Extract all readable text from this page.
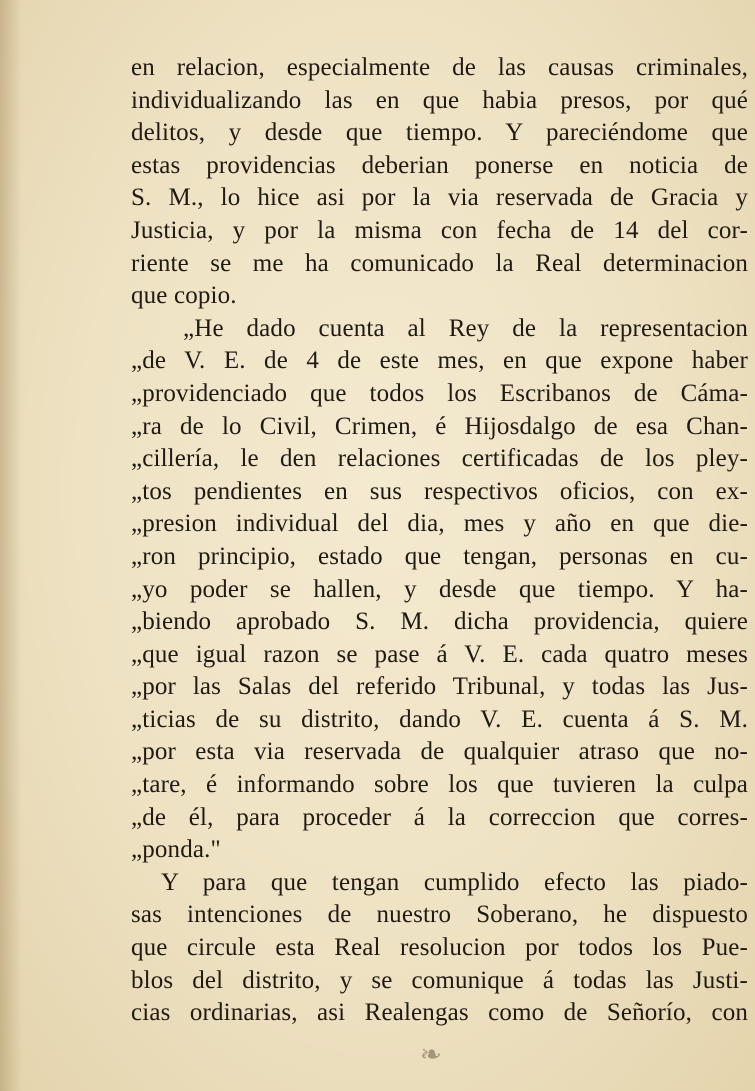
en relacion, especialmente de las causas criminales,
individualizando las en que habia presos, por qué
delitos, y desde que tiempo. Y pareciéndome que
estas providencias deberian ponerse en noticia de
S. M., lo hice asi por la via reservada de Gracia y
Justicia, y por la misma con fecha de 14 del cor-
riente se me ha comunicado la Real determinacion
que copio.
„He dado cuenta al Rey de la representacion
„de V. E. de 4 de este mes, en que expone haber
„providenciado que todos los Escribanos de Cáma-
„ra de lo Civil, Crimen, é Hijosdalgo de esa Chan-
„cillería, le den relaciones certificadas de los pley-
„tos pendientes en sus respectivos oficios, con ex-
„presion individual del dia, mes y año en que die-
„ron principio, estado que tengan, personas en cu-
„yo poder se hallen, y desde que tiempo. Y ha-
„biendo aprobado S. M. dicha providencia, quiere
„que igual razon se pase á V. E. cada quatro meses
„por las Salas del referido Tribunal, y todas las Jus-
„ticias de su distrito, dando V. E. cuenta á S. M.
„por esta via reservada de qualquier atraso que no-
„tare, é informando sobre los que tuvieren la culpa
„de él, para proceder á la correccion que corres-
„ponda."
Y para que tengan cumplido efecto las piado-
sas intenciones de nuestro Soberano, he dispuesto
que circule esta Real resolucion por todos los Pue-
blos del distrito, y se comunique á todas las Justi-
cias ordinarias, asi Realengas como de Señorío, con
❧
